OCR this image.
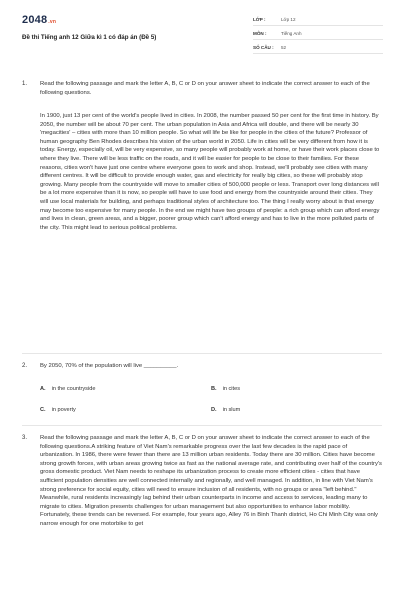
2048.vn
Đề thi Tiếng anh 12 Giữa kì 1 có đáp án (Đề 5)
LỚP :	Lớp 12
MÔN :	Tiếng Anh
SỐ CÂU :	52
1. Read the following passage and mark the letter A, B, C or D on your answer sheet to indicate the correct answer to each of the following questions.
In 1900, just 13 per cent of the world's people lived in cities. In 2008, the number passed 50 per cent for the first time in history. By 2050, the number will be about 70 per cent. The urban population in Asia and Africa will double, and there will be nearly 30 'megacities' – cities with more than 10 million people. So what will life be like for people in the cities of the future? Professor of human geography Ben Rhodes describes his vision of the urban world in 2050. Life in cities will be very different from how it is today. Energy, especially oil, will be very expensive, so many people will probably work at home, or have their work places close to where they live. There will be less traffic on the roads, and it will be easier for people to be close to their families. For these reasons, cities won't have just one centre where everyone goes to work and shop. Instead, we'll probably see cities with many different centres. It will be difficult to provide enough water, gas and electricity for really big cities, so these will probably stop growing. Many people from the countryside will move to smaller cities of 500,000 people or less. Transport over long distances will be a lot more expensive than it is now, so people will have to use food and energy from the countryside around their cities. They will use local materials for building, and perhaps traditional styles of architecture too. The thing I really worry about is that energy may become too expensive for many people. In the end we might have two groups of people: a rich group which can afford energy and lives in clean, green areas, and a bigger, poorer group which can't afford energy and has to live in the more polluted parts of the city. This might lead to serious political problems.
2. By 2050, 70% of the population will live __________.
A. in the countryside	B. in cites
C. in poverty	D. in slum
3. Read the following passage and mark the letter A, B, C or D on your answer sheet to indicate the correct answer to each of the following questions.A striking feature of Viet Nam's remarkable progress over the last few decades is the rapid pace of urbanization. In 1986, there were fewer than there are 13 million urban residents. Today there are 30 million. Cities have become strong growth forces, with urban areas growing twice as fast as the national average rate, and contributing over half of the country's gross domestic product. Viet Nam needs to reshape its urbanization process to create more efficient cities - cities that have sufficient population densities are well connected internally and regionally, and well managed. In addition, in line with Viet Nam's strong preference for social equity, cities will need to ensure inclusion of all residents, with no groups or area "left behind." Meanwhile, rural residents increasingly lag behind their urban counterparts in income and access to services, leading many to migrate to cities. Migration presents challenges for urban management but also opportunities to enhance labor mobility. Fortunately, these trends can be reversed. For example, four years ago, Alley 76 in Binh Thanh district, Ho Chi Minh City was only narrow enough for one motorbike to get
